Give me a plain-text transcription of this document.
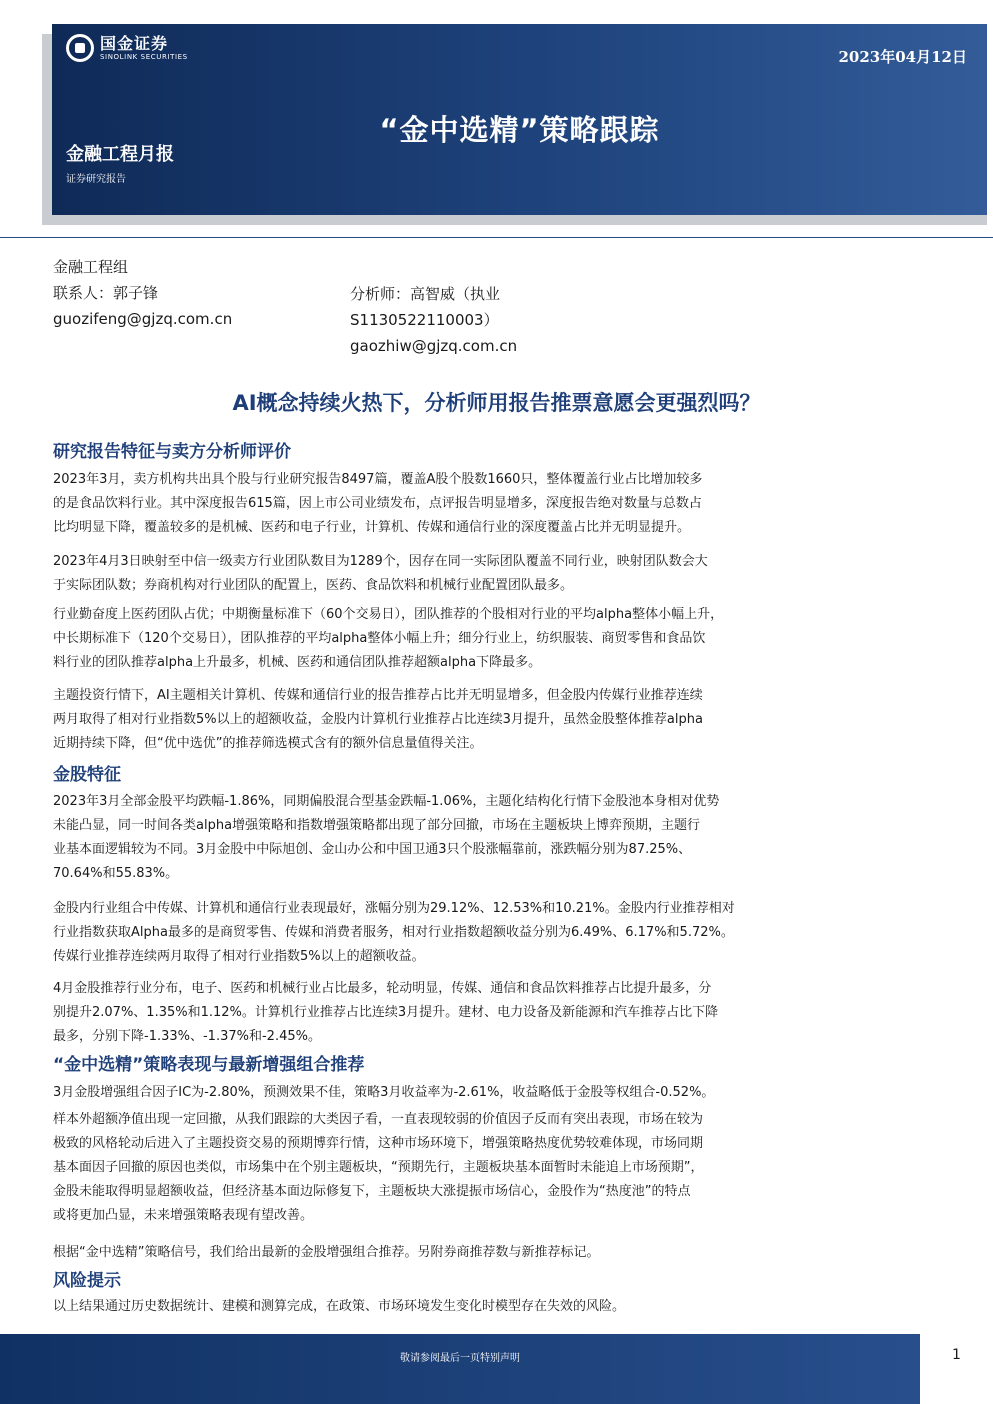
国金证券
SINOLINK SECURITIES	2023年04月12日
“金中选精”策略跟踪
金融工程月报
证券研究报告
金融工程组
联系人：郭子锋
guozifeng@gjzq.com.cn
分析师：高智威（执业
S1130522110003）
gaozhiw@gjzq.com.cn
AI概念持续火热下，分析师用报告推票意愿会更强烈吗？
研究报告特征与卖方分析师评价
2023年3月，卖方机构共出具个股与行业研究报告8497篇，覆盖A股个股数1660只，整体覆盖行业占比增加较多
的是食品饮料行业。其中深度报告615篇，因上市公司业绩发布，点评报告明显增多，深度报告绝对数量与总数占
比均明显下降，覆盖较多的是机械、医药和电子行业，计算机、传媒和通信行业的深度覆盖占比并无明显提升。
2023年4月3日映射至中信一级卖方行业团队数目为1289个，因存在同一实际团队覆盖不同行业，映射团队数会大
于实际团队数；券商机构对行业团队的配置上，医药、食品饮料和机械行业配置团队最多。
行业勤奋度上医药团队占优；中期衡量标准下（60个交易日），团队推荐的个股相对行业的平均alpha整体小幅上升，
中长期标准下（120个交易日），团队推荐的平均alpha整体小幅上升；细分行业上，纺织服装、商贸零售和食品饮
料行业的团队推荐alpha上升最多，机械、医药和通信团队推荐超额alpha下降最多。
主题投资行情下，AI主题相关计算机、传媒和通信行业的报告推荐占比并无明显增多，但金股内传媒行业推荐连续
两月取得了相对行业指数5%以上的超额收益，金股内计算机行业推荐占比连续3月提升，虽然金股整体推荐alpha
近期持续下降，但“优中选优”的推荐筛选模式含有的额外信息量值得关注。
金股特征
2023年3月全部金股平均跌幅-1.86%，同期偏股混合型基金跌幅-1.06%，主题化结构化行情下金股池本身相对优势
未能凸显，同一时间各类alpha增强策略和指数增强策略都出现了部分回撤，市场在主题板块上博弈预期，主题行
业基本面逻辑较为不同。3月金股中中际旭创、金山办公和中国卫通3只个股涨幅靠前，涨跌幅分别为87.25%、
70.64%和55.83%。
金股内行业组合中传媒、计算机和通信行业表现最好，涨幅分别为29.12%、12.53%和10.21%。金股内行业推荐相对
行业指数获取Alpha最多的是商贸零售、传媒和消费者服务，相对行业指数超额收益分别为6.49%、6.17%和5.72%。
传媒行业推荐连续两月取得了相对行业指数5%以上的超额收益。
4月金股推荐行业分布，电子、医药和机械行业占比最多，轮动明显，传媒、通信和食品饮料推荐占比提升最多，分
别提升2.07%、1.35%和1.12%。计算机行业推荐占比连续3月提升。建材、电力设备及新能源和汽车推荐占比下降
最多，分别下降-1.33%、-1.37%和-2.45%。
“金中选精”策略表现与最新增强组合推荐
3月金股增强组合因子IC为-2.80%，预测效果不佳，策略3月收益率为-2.61%，收益略低于金股等权组合-0.52%。
样本外超额净值出现一定回撤，从我们跟踪的大类因子看，一直表现较弱的价值因子反而有突出表现，市场在较为
极致的风格轮动后进入了主题投资交易的预期博弈行情，这种市场环境下，增强策略热度优势较难体现，市场同期
基本面因子回撤的原因也类似，市场集中在个别主题板块，“预期先行，主题板块基本面暂时未能追上市场预期”，
金股未能取得明显超额收益，但经济基本面边际修复下，主题板块大涨提振市场信心，金股作为“热度池”的特点
或将更加凸显，未来增强策略表现有望改善。
根据“金中选精”策略信号，我们给出最新的金股增强组合推荐。另附券商推荐数与新推荐标记。
风险提示
以上结果通过历史数据统计、建模和测算完成，在政策、市场环境发生变化时模型存在失效的风险。
敬请参阅最后一页特别声明	1
